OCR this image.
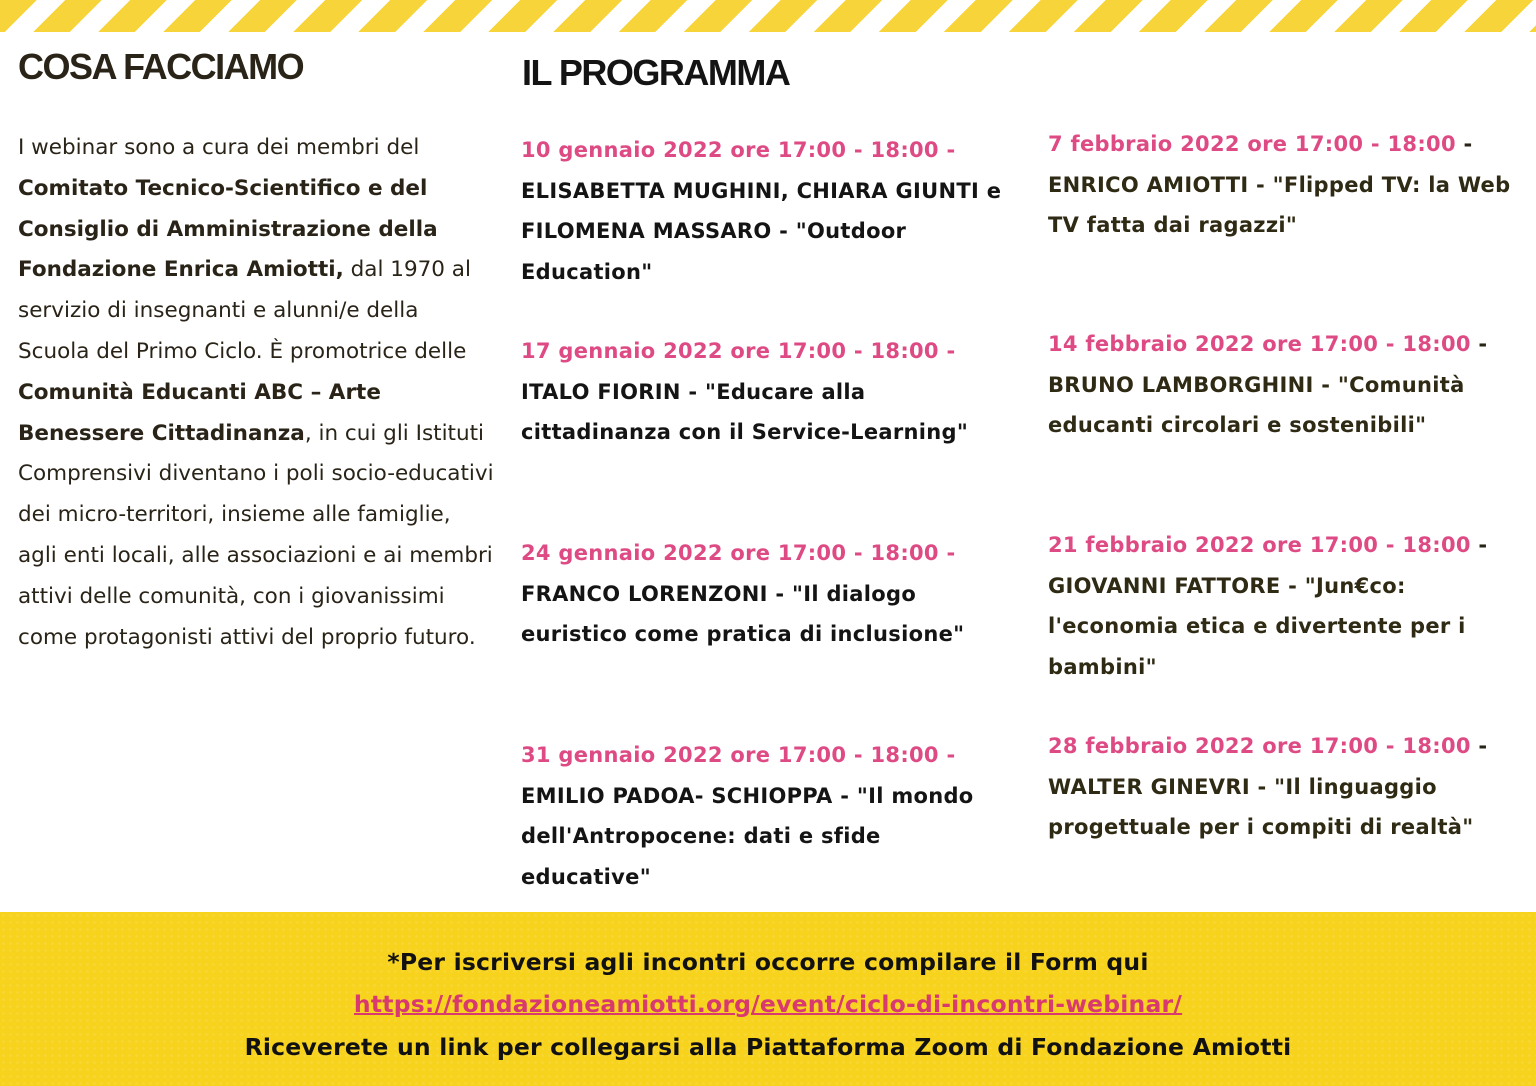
COSA FACCIAMO	IL PROGRAMMA

I webinar sono a cura dei membri del Comitato Tecnico-Scientifico e del Consiglio di Amministrazione della Fondazione Enrica Amiotti, dal 1970 al servizio di insegnanti e alunni/e della Scuola del Primo Ciclo. È promotrice delle Comunità Educanti ABC – Arte Benessere Cittadinanza, in cui gli Istituti Comprensivi diventano i poli socio-educativi dei micro-territori, insieme alle famiglie, agli enti locali, alle associazioni e ai membri attivi delle comunità, con i giovanissimi come protagonisti attivi del proprio futuro.

10 gennaio 2022 ore 17:00 - 18:00 -
ELISABETTA MUGHINI, CHIARA GIUNTI e FILOMENA MASSARO - "Outdoor Education"
17 gennaio 2022 ore 17:00 - 18:00 -
ITALO FIORIN - "Educare alla cittadinanza con il Service-Learning"
24 gennaio 2022 ore 17:00 - 18:00 -
FRANCO LORENZONI - "Il dialogo euristico come pratica di inclusione"
31 gennaio 2022 ore 17:00 - 18:00 -
EMILIO PADOA- SCHIOPPA - "Il mondo dell'Antropocene: dati e sfide educative"
7 febbraio 2022 ore 17:00 - 18:00 -
ENRICO AMIOTTI - "Flipped TV: la Web TV fatta dai ragazzi"
14 febbraio 2022 ore 17:00 - 18:00 -
BRUNO LAMBORGHINI - "Comunità educanti circolari e sostenibili"
21 febbraio 2022 ore 17:00 - 18:00 -
GIOVANNI FATTORE - "Jun€co: l'economia etica e divertente per i bambini"
28 febbraio 2022 ore 17:00 - 18:00 -
WALTER GINEVRI - "Il linguaggio progettuale per i compiti di realtà"
*Per iscriversi agli incontri occorre compilare il Form qui
https://fondazioneamiotti.org/event/ciclo-di-incontri-webinar/
Riceverete un link per collegarsi alla Piattaforma Zoom di Fondazione Amiotti
